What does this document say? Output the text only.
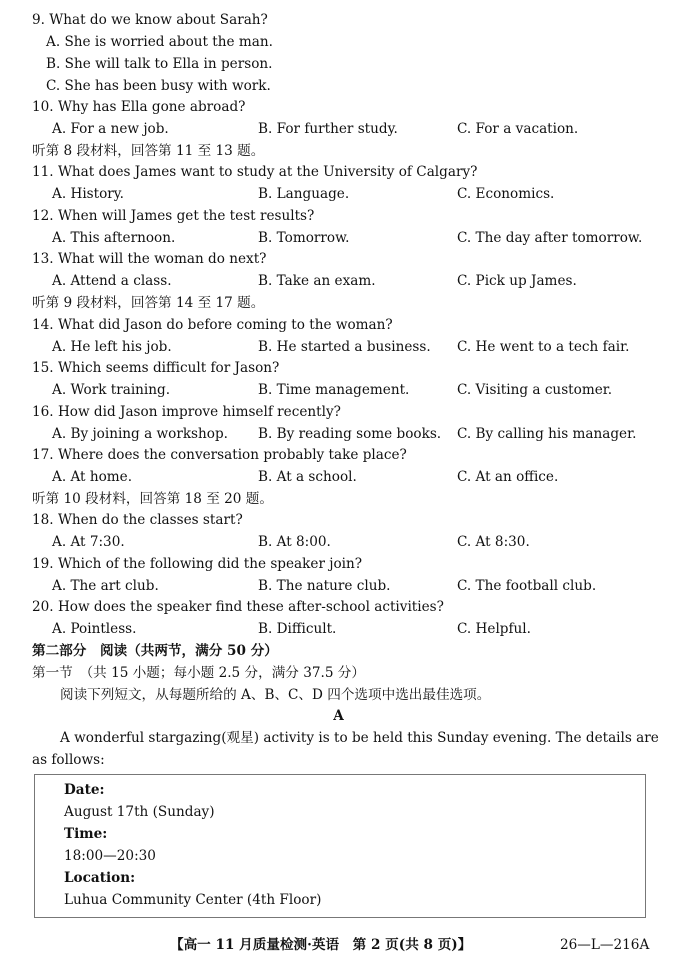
9. What do we know about Sarah?
A. She is worried about the man.
B. She will talk to Ella in person.
C. She has been busy with work.
10. Why has Ella gone abroad?
A. For a new job.	B. For further study.	C. For a vacation.
听第 8 段材料，回答第 11 至 13 题。
11. What does James want to study at the University of Calgary?
A. History.	B. Language.	C. Economics.
12. When will James get the test results?
A. This afternoon.	B. Tomorrow.	C. The day after tomorrow.
13. What will the woman do next?
A. Attend a class.	B. Take an exam.	C. Pick up James.
听第 9 段材料，回答第 14 至 17 题。
14. What did Jason do before coming to the woman?
A. He left his job.	B. He started a business. C. He went to a tech fair.
15. Which seems difficult for Jason?
A. Work training.	B. Time management.	C. Visiting a customer.
16. How did Jason improve himself recently?
A. By joining a workshop. B. By reading some books. C. By calling his manager.
17. Where does the conversation probably take place?
A. At home.	B. At a school.	C. At an office.
听第 10 段材料，回答第 18 至 20 题。
18. When do the classes start?
A. At 7:30.	B. At 8:00.	C. At 8:30.
19. Which of the following did the speaker join?
A. The art club.	B. The nature club.	C. The football club.
20. How does the speaker find these after-school activities?
A. Pointless.	B. Difficult.	C. Helpful.
第二部分　阅读（共两节，满分 50 分）
第一节　（共 15 小题；每小题 2.5 分，满分 37.5 分）
阅读下列短文，从每题所给的 A、B、C、D 四个选项中选出最佳选项。
A
A wonderful stargazing(观星) activity is to be held this Sunday evening. The details are
as follows:
Date:
August 17th (Sunday)
Time:
18:00—20:30
Location:
Luhua Community Center (4th Floor)
【高一 11 月质量检测·英语　第 2 页(共 8 页)】	26—L—216A
